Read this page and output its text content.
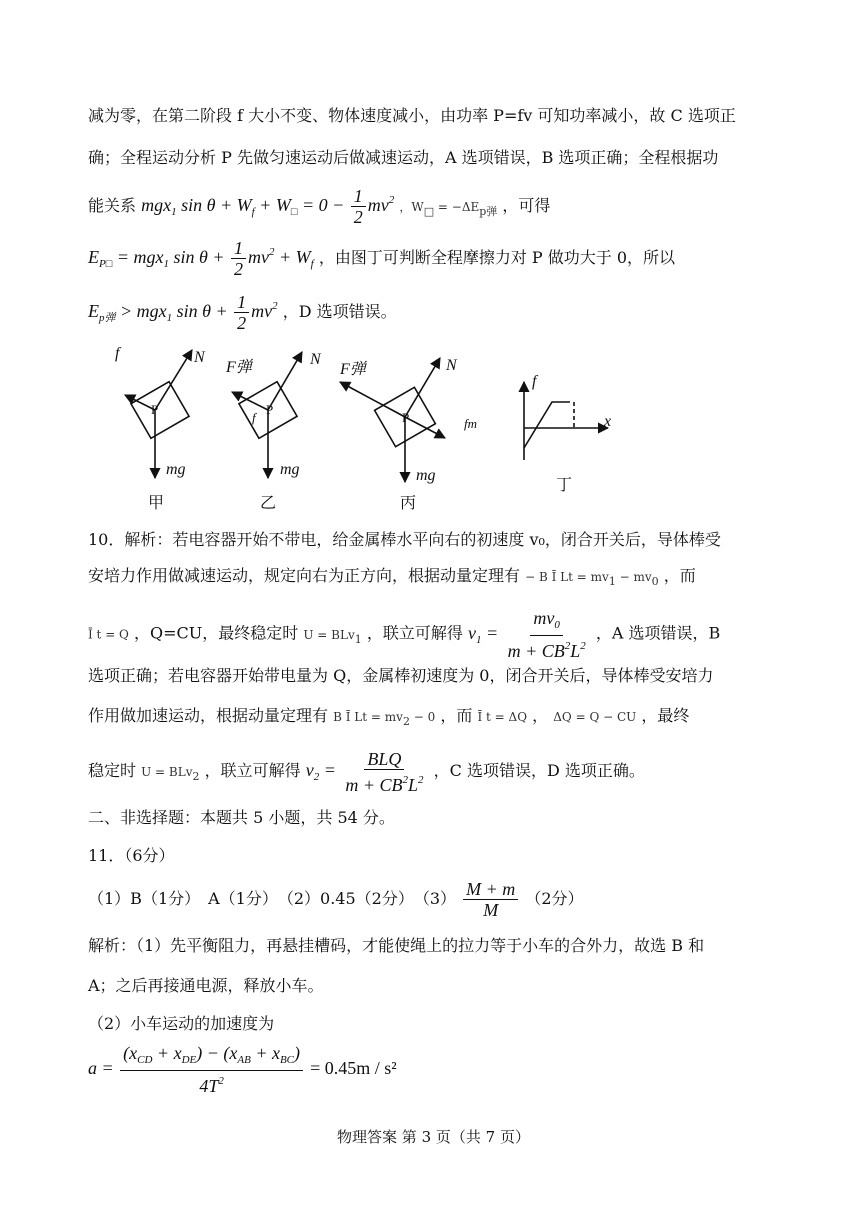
减为零，在第二阶段 f 大小不变、物体速度减小，由功率 P=fv 可知功率减小，故 C 选项正
确；全程运动分析 P 先做匀速运动后做减速运动，A 选项错误，B 选项正确；全程根据功
能关系 mgx$_1$ $\sin \theta + W_f + W_□ = 0 - \frac{1}{2} mv^2$ ，W□ = −ΔEp弹 ，可得
$E_{P□} = mgx_1$ $\sin \theta + \frac{1}{2} mv^2 + W_f$ ，由图丁可判断全程摩擦力对 P 做功大于 0，所以
$E_{p弹} > mgx_1$ $\sin \theta + \frac{1}{2} mv^2$ ，D 选项错误。
N
f
P
mg
甲
N
F弹
f
P
mg
乙
N
F弹
fm
P
mg
丙
f
x
丁
10．解析：若电容器开始不带电，给金属棒水平向右的初速度 v₀，闭合开关后，导体棒受
安培力作用做减速运动，规定向右为正方向，根据动量定理有 − B Ī Lt = mv1 − mv0 ，而
Ī t = Q ，Q=CU，最终稳定时 U = BLv1 ，联立可解得 $v_1 = \frac{mv_0}{m + CB^2L^2}$ ，A 选项错误，B
选项正确；若电容器开始带电量为 Q，金属棒初速度为 0，闭合开关后，导体棒受安培力
作用做加速运动，根据动量定理有 B Ī Lt = mv2 − 0 ，而 Ī t = ΔQ ， ΔQ = Q − CU ，最终
稳定时 U = BLv2 ，联立可解得 $v_2 = \frac{\text{BLQ}}{m + CB^2L^2}$ ，C 选项错误，D 选项正确。
二、非选择题：本题共 5 小题，共 54 分。
11．（6分）
（1）B（1分）　A（1分）　（2）0.45（2分）　$(3) \frac{M + m}{M} (2$分）
解析：（1）先平衡阻力，再悬挂槽码，才能使绳上的拉力等于小车的合外力，故选 B 和
A；之后再接通电源，释放小车。
（2）小车运动的加速度为
$a = \frac{(x_{CD} + x_{DE}) - (x_{AB} + x_{BC})}{4T^2} = 0.45m / s^2$
物理答案 第 3 页（共 7 页）
